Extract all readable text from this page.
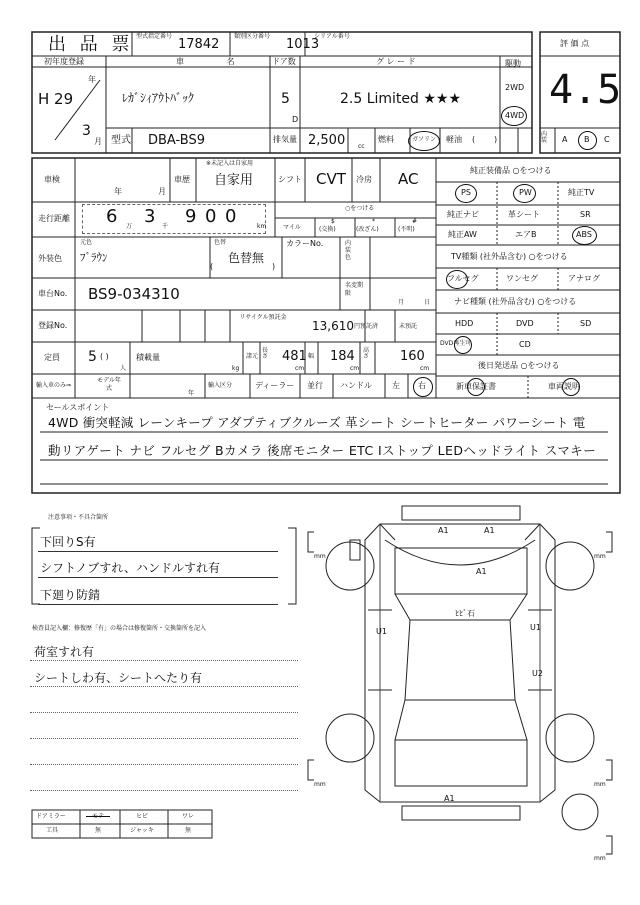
出 品 票 型式指定番号
17842
類別区分番号
1013
シリアル番号
評 価 点
4.5
初年度登録
年
H 29
3
月
車 名
ﾚｶﾞｼｨｱｳﾄﾊﾞｯｸ
ドア数
5
D
グ レ ー ド
2.5 Limited ★★★
駆動
2WD
4WD
型式 DBA-BS9	排気量 2,500 cc
燃料	ガソリン 軽油 ( )
内装	A B C
車検
年	月
車歴
※未記入は自家用
自家用	シフト CVT 冷房 AC
走行距離 6 万 3 千 9 0 0	km	マイル
○をつける
$
(交換)
*
(改ざん)
#
(不明)
外装色
元色
ﾌﾞﾗｳﾝ
色替
色替無
(	)
カラーNo.	内装色
車台No. BS9-034310	名変期限
月	日
登録No.
リサイクル預託金
13,610 円預託済	未預託
定員 5 ( )
人
積載量
kg
諸元
長さ 481
cm
幅 184
cm
高さ 160
cm
輸入車のみ⇒
モデル年式
年
輸入区分	ディーラー 並行 ハンドル	左 右
純正装備品 ○をつける
PS	PW	純正TV
純正ナビ	革シート	SR
純正AW	エアB	ABS
TV種類 (社外品含む) ○をつける
フルセグ	ワンセグ	アナログ
ナビ種類 (社外品含む) ○をつける
HDD	DVD	SD
DVD再生可	CD
後日発送品 ○をつける
新車保証書	車両説明
セールスポイント
4WD 衝突軽減 レーンキープ アダプティブクルーズ 革シート シートヒーター パワーシート 電
動リアゲート ナビ フルセグ Bカメラ 後席モニター ETC Iストップ LEDヘッドライト スマキー
注意事項・不具合箇所
下回りS有
シフトノブすれ、ハンドルすれ有
下廻り防錆
検査員記入欄：修復歴「有」の場合は修復箇所・交換箇所を記入
荷室すれ有
シートしわ有、シートへたり有
ドアミラー	モテ	ヒビ	ワレ
工具	無	ジャッキ	無
A1	A1
A1
ﾋﾋﾞ石
U1	U1
U2
A1
mm	mm
mm	mm
mm
